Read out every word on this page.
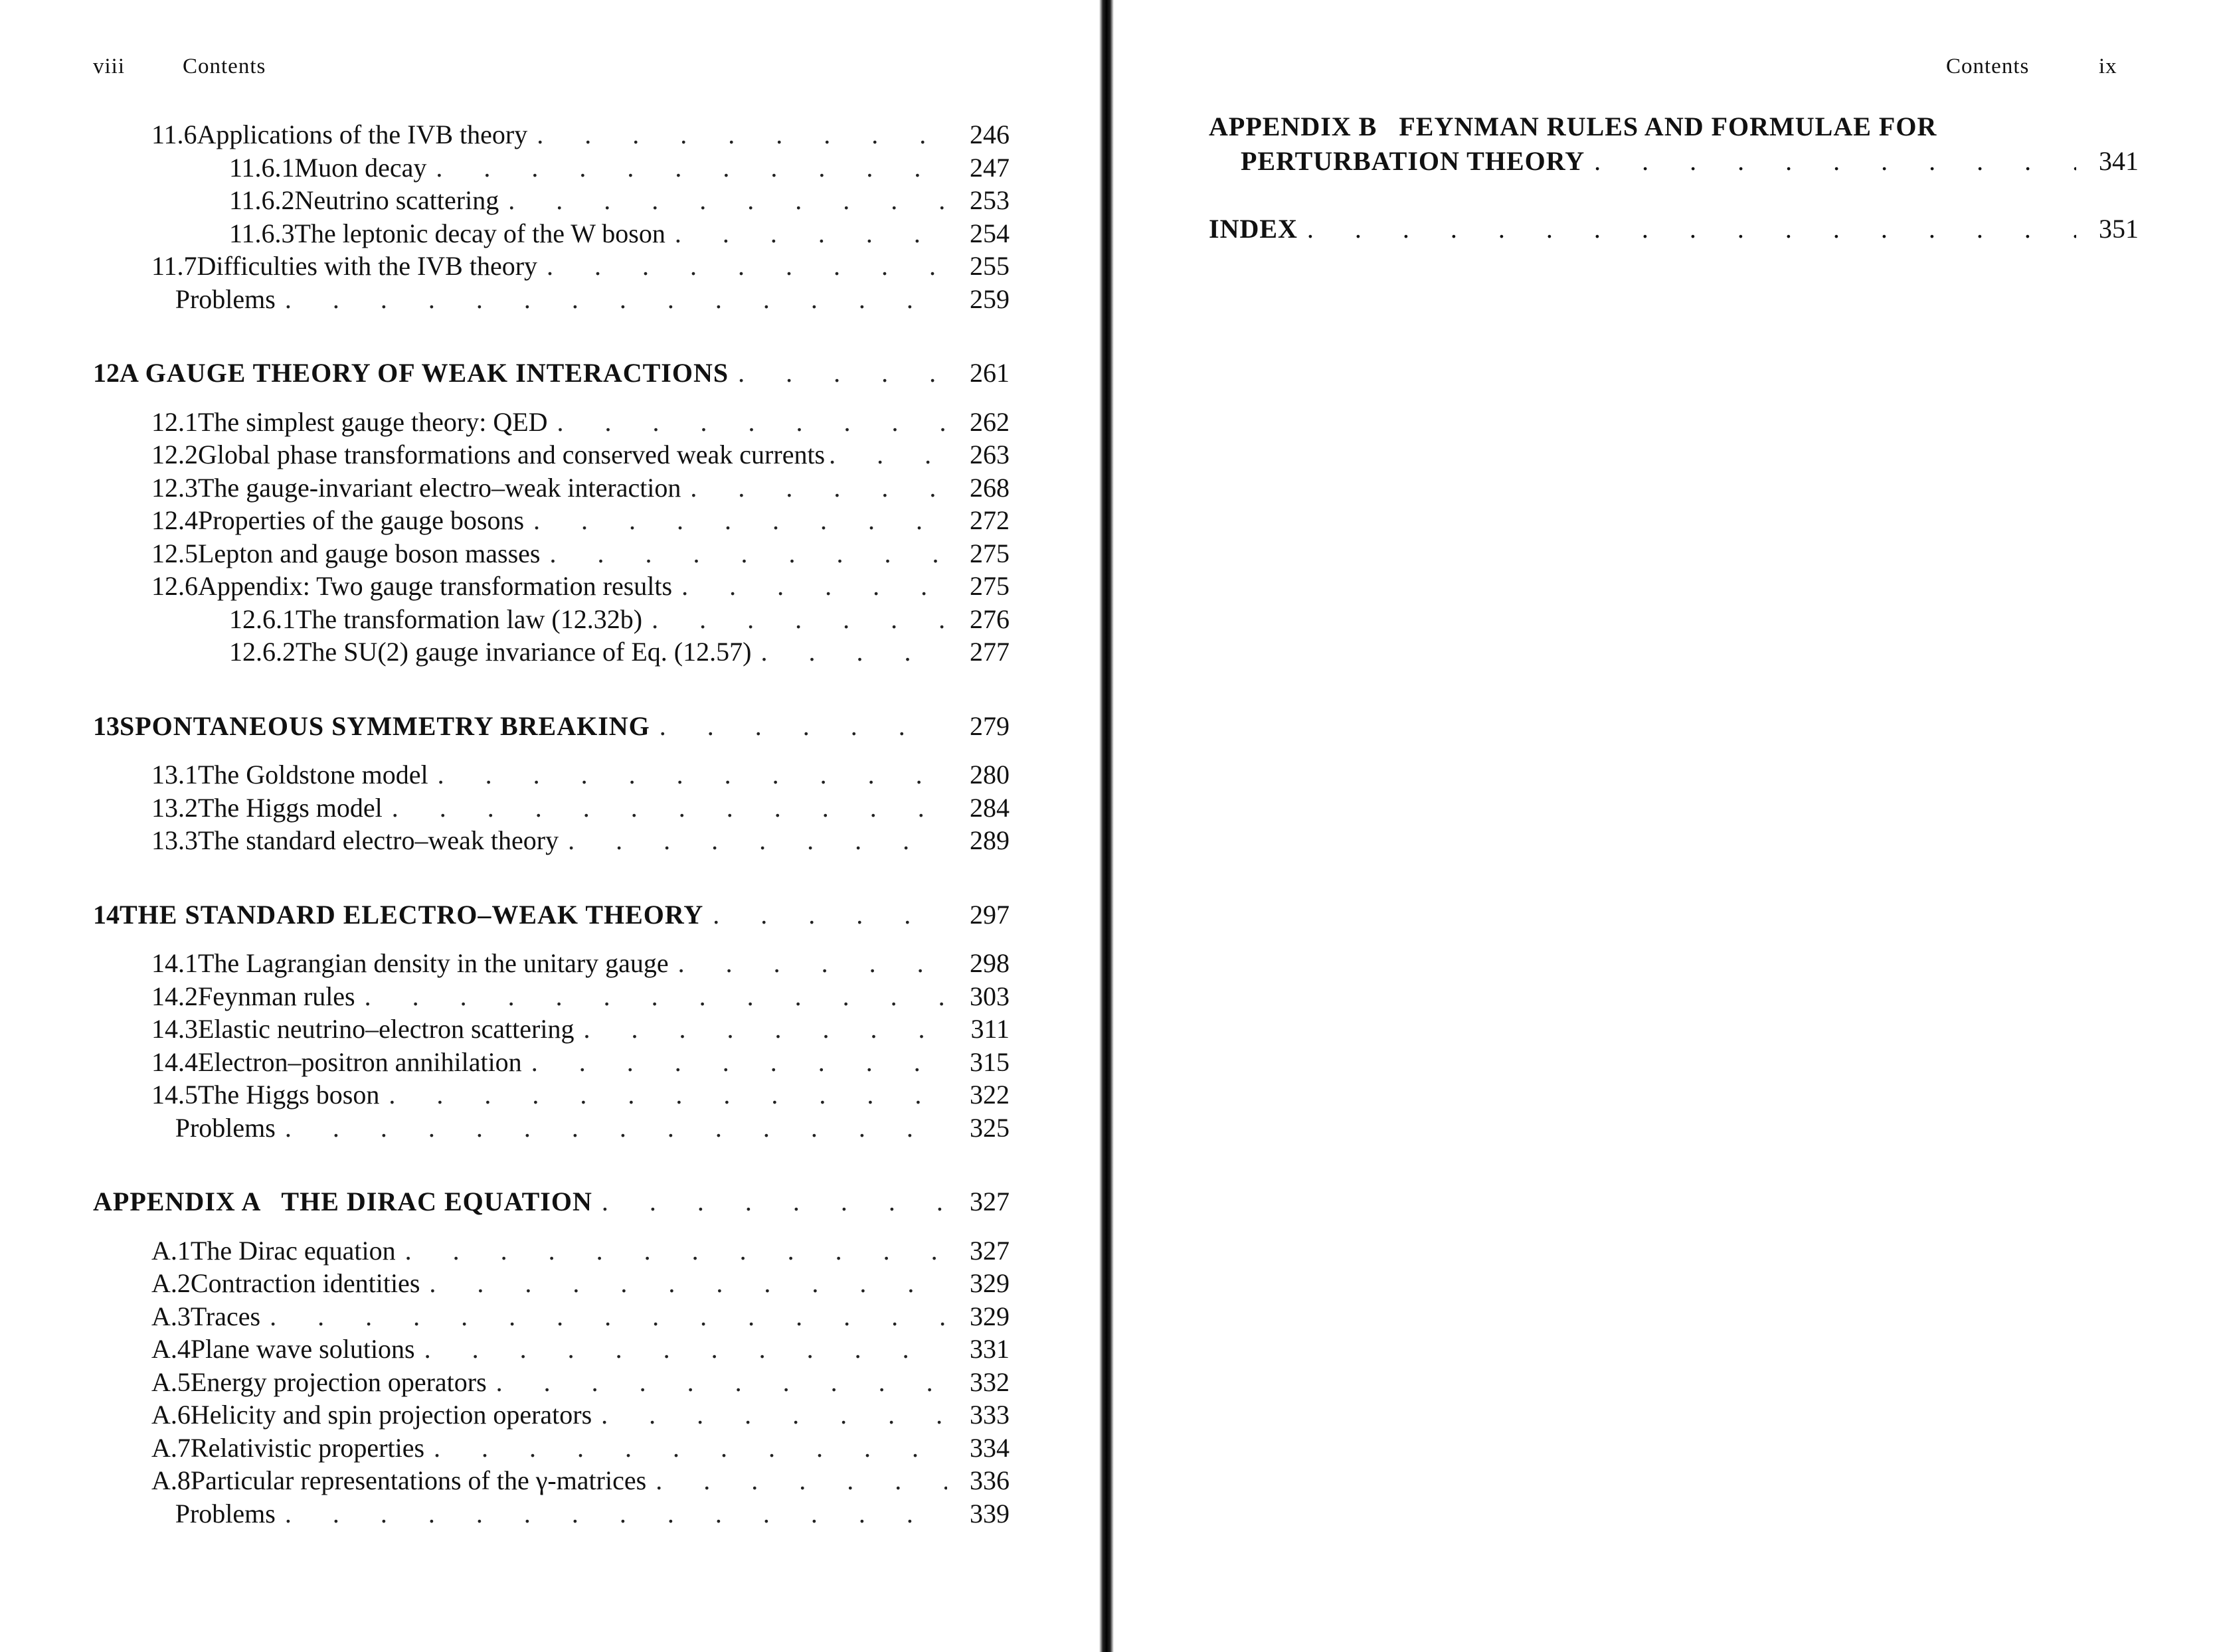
viii	Contents
11.6 Applications of the IVB theory . . .	246
11.6.1 Muon decay . . .	247
11.6.2 Neutrino scattering . . .	253
11.6.3 The leptonic decay of the W boson . . .	254
11.7 Difficulties with the IVB theory . . .	255
Problems . . .	259
12 A GAUGE THEORY OF WEAK INTERACTIONS . . .	261
12.1 The simplest gauge theory: QED . . .	262
12.2 Global phase transformations and conserved weak currents . . .	263
12.3 The gauge-invariant electro–weak interaction . . .	268
12.4 Properties of the gauge bosons . . .	272
12.5 Lepton and gauge boson masses . . .	275
12.6 Appendix: Two gauge transformation results . . .	275
12.6.1 The transformation law (12.32b) . . .	276
12.6.2 The SU(2) gauge invariance of Eq. (12.57) . . .	277
13 SPONTANEOUS SYMMETRY BREAKING . . .	279
13.1 The Goldstone model . . .	280
13.2 The Higgs model . . .	284
13.3 The standard electro–weak theory . . .	289
14 THE STANDARD ELECTRO–WEAK THEORY . . .	297
14.1 The Lagrangian density in the unitary gauge . . .	298
14.2 Feynman rules . . .	303
14.3 Elastic neutrino–electron scattering . . .	311
14.4 Electron–positron annihilation . . .	315
14.5 The Higgs boson . . .	322
Problems . . .	325
APPENDIX A   THE DIRAC EQUATION . . .	327
A.1 The Dirac equation . . .	327
A.2 Contraction identities . . .	329
A.3 Traces . . .	329
A.4 Plane wave solutions . . .	331
A.5 Energy projection operators . . .	332
A.6 Helicity and spin projection operators . . .	333
A.7 Relativistic properties . . .	334
A.8 Particular representations of the γ-matrices . . .	336
Problems . . .	339
Contents	ix
APPENDIX B   FEYNMAN RULES AND FORMULAE FOR
PERTURBATION THEORY . . .	341
INDEX . . .	351
